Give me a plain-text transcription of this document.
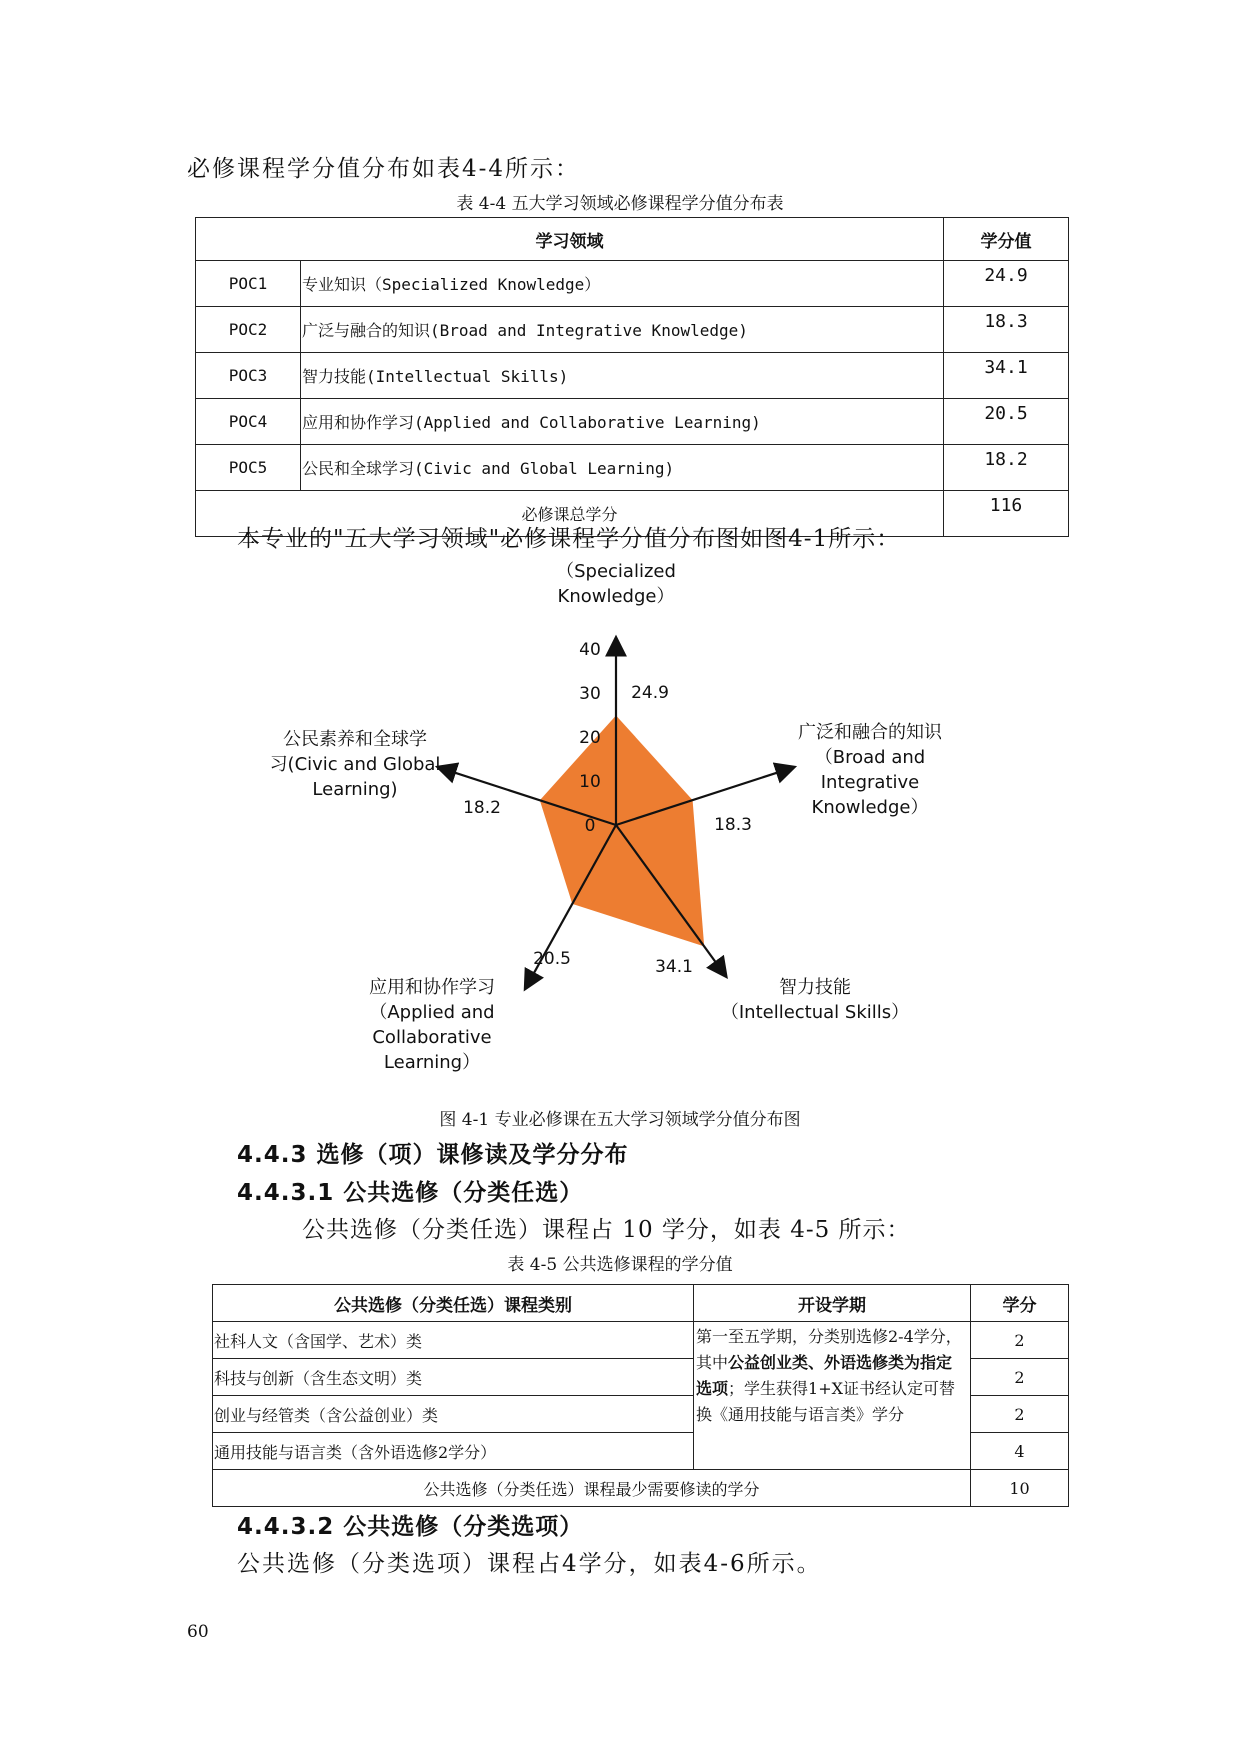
必修课程学分值分布如表4-4所示：
表 4-4 五大学习领域必修课程学分值分布表
学习领域		学分值
POC1	专业知识（Specialized Knowledge）	24.9
POC2	广泛与融合的知识(Broad and Integrative Knowledge)	18.3
POC3	智力技能(Intellectual Skills)	34.1
POC4	应用和协作学习(Applied and Collaborative Learning)	20.5
POC5	公民和全球学习(Civic and Global Learning)	18.2
必修课总学分		116
本专业的"五大学习领域"必修课程学分值分布图如图4-1所示：
0
10
20
30
40
24.9
18.3
34.1
20.5
18.2
（Specialized Knowledge）
广泛和融合的知识（Broad and Integrative Knowledge）
智力技能（Intellectual Skills）
应用和协作学习（Applied and Collaborative Learning）
公民素养和全球学习(Civic and Global Learning)
图 4-1 专业必修课在五大学习领域学分值分布图
4.4.3 选修（项）课修读及学分分布
4.4.3.1 公共选修（分类任选）
公共选修（分类任选）课程占 10 学分，如表 4-5 所示：
表 4-5 公共选修课程的学分值
公共选修（分类任选）课程类别	开设学期	学分
社科人文（含国学、艺术）类	第一至五学期，分类别选修2-4学分，其中公益创业类、外语选修类为指定选项；学生获得1+X证书经认定可替换《通用技能与语言类》学分	2
科技与创新（含生态文明）类		2
创业与经管类（含公益创业）类		2
通用技能与语言类（含外语选修2学分）		4
公共选修（分类任选）课程最少需要修读的学分		10
4.4.3.2 公共选修（分类选项）
公共选修（分类选项）课程占4学分，如表4-6所示。
60
